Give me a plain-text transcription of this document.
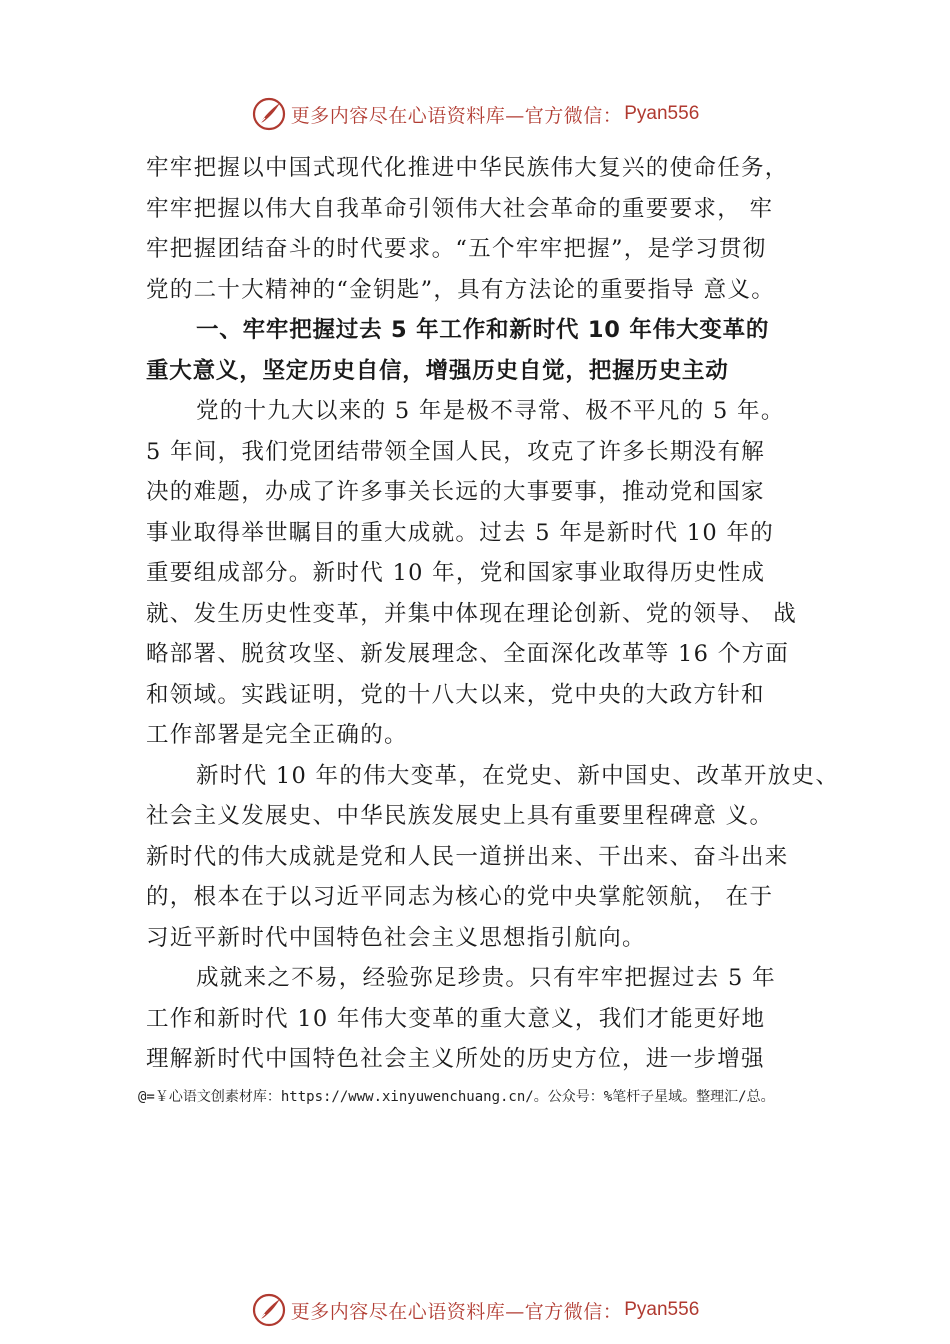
更多内容尽在心语资料库—官方微信： Pyan556
牢牢把握以中国式现代化推进中华民族伟大复兴的使命任务，
牢牢把握以伟大自我革命引领伟大社会革命的重要要求， 牢
牢把握团结奋斗的时代要求。“五个牢牢把握”，是学习贯彻
党的二十大精神的“金钥匙”，具有方法论的重要指导 意义。
一、牢牢把握过去 5 年工作和新时代 10 年伟大变革的
重大意义，坚定历史自信，增强历史自觉，把握历史主动
党的十九大以来的 5 年是极不寻常、极不平凡的 5 年。
5 年间，我们党团结带领全国人民，攻克了许多长期没有解
决的难题，办成了许多事关长远的大事要事，推动党和国家
事业取得举世瞩目的重大成就。过去 5 年是新时代 10 年的
重要组成部分。新时代 10 年，党和国家事业取得历史性成
就、发生历史性变革，并集中体现在理论创新、党的领导、 战
略部署、脱贫攻坚、新发展理念、全面深化改革等 16 个方面
和领域。实践证明，党的十八大以来，党中央的大政方针和
工作部署是完全正确的。
新时代 10 年的伟大变革，在党史、新中国史、改革开放史、
社会主义发展史、中华民族发展史上具有重要里程碑意 义。
新时代的伟大成就是党和人民一道拼出来、干出来、奋斗出来
的，根本在于以习近平同志为核心的党中央掌舵领航， 在于
习近平新时代中国特色社会主义思想指引航向。
成就来之不易，经验弥足珍贵。只有牢牢把握过去 5 年
工作和新时代 10 年伟大变革的重大意义，我们才能更好地
理解新时代中国特色社会主义所处的历史方位，进一步增强
@=￥心语文创素材库：https://www.xinyuwenchuang.cn/。公众号：%笔杆子星域。整理汇/总。
更多内容尽在心语资料库—官方微信： Pyan556
